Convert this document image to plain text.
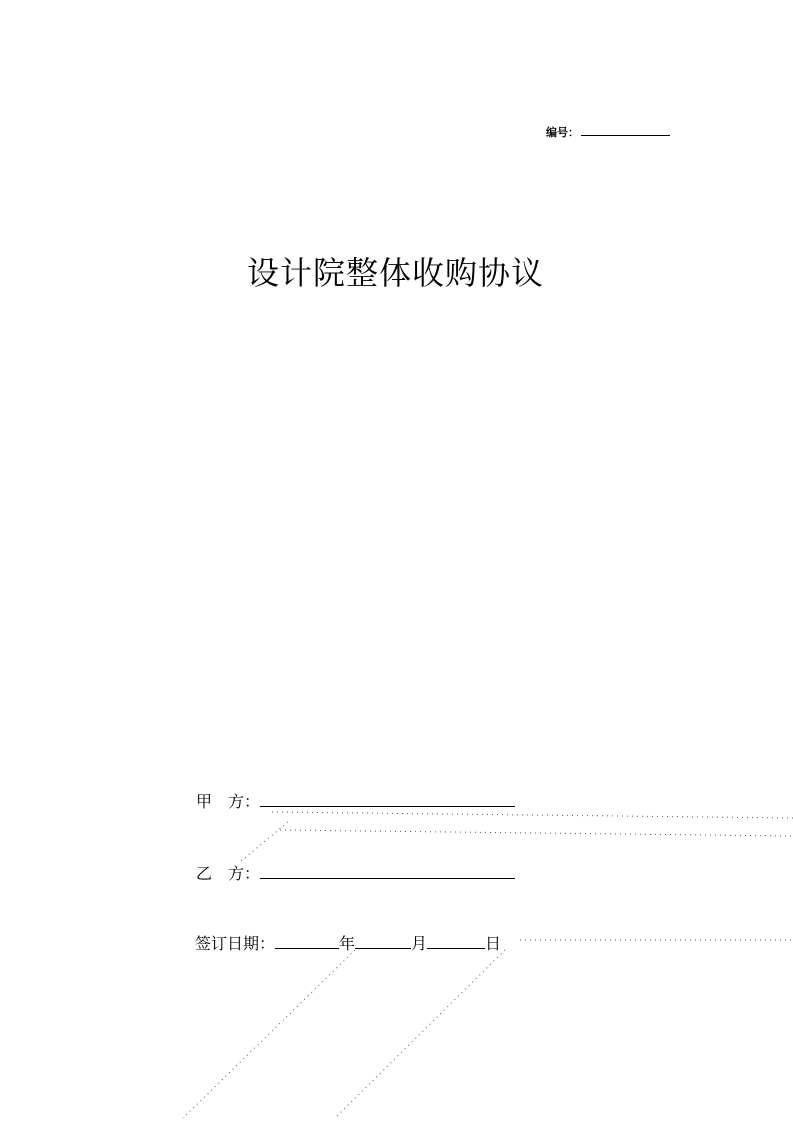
编号：
设计院整体收购协议
甲　方：
乙　方：
签订日期：	年	月	日
